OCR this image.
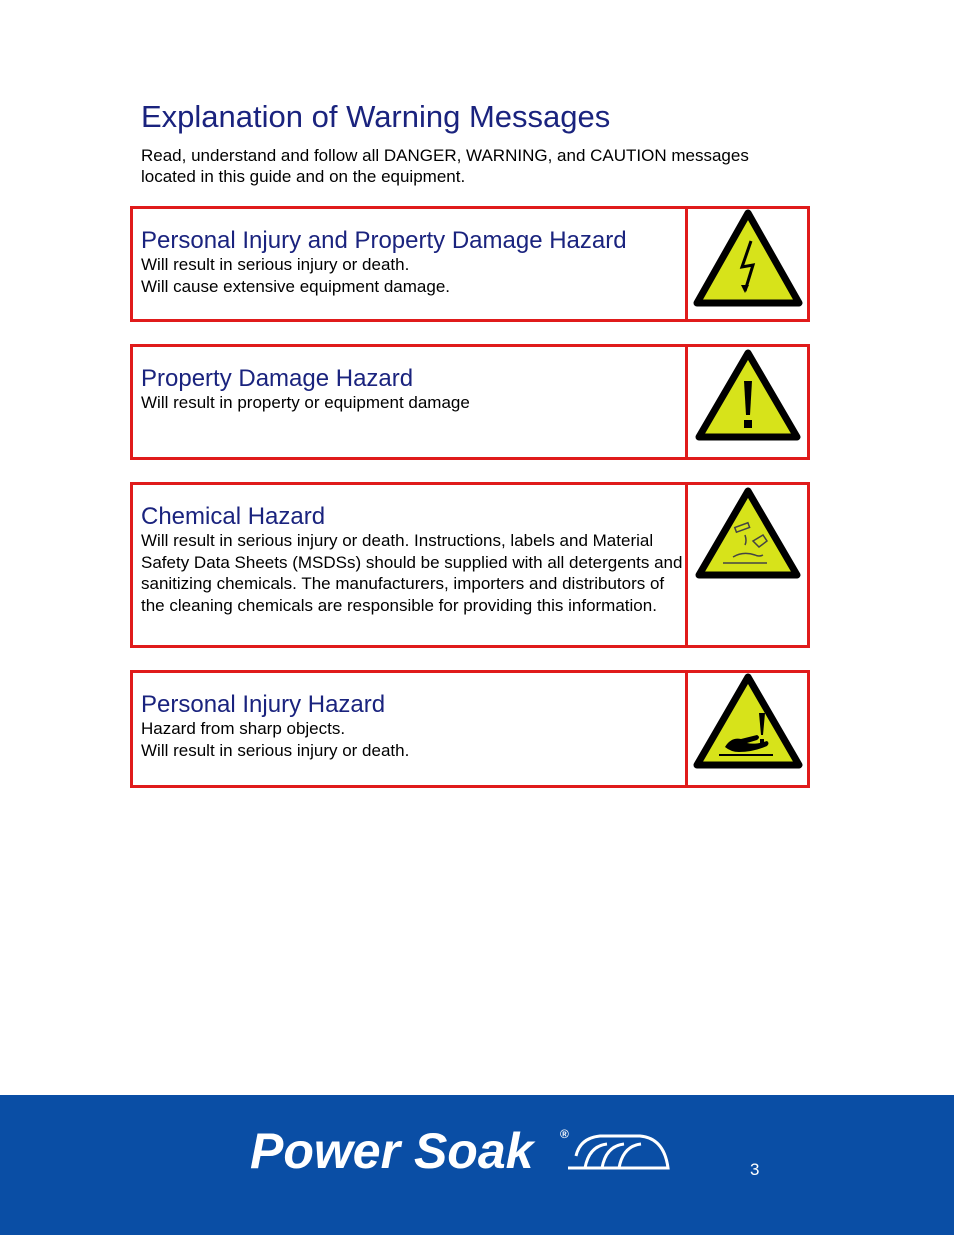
Explanation of Warning Messages

Read, understand and follow all DANGER, WARNING, and CAUTION messages located in this guide and on the equipment.

Personal Injury and Property Damage Hazard

Will result in serious injury or death.
Will cause extensive equipment damage.

Property Damage Hazard

Will result in property or equipment damage

Chemical Hazard

Will result in serious injury or death. Instructions, labels and Material Safety Data Sheets (MSDSs) should be supplied with all detergents and sanitizing chemicals. The manufacturers, importers and distributors of the cleaning chemicals are responsible for providing this information.

Personal Injury Hazard

Hazard from sharp objects.
Will result in serious injury or death.

Power Soak ®
3
